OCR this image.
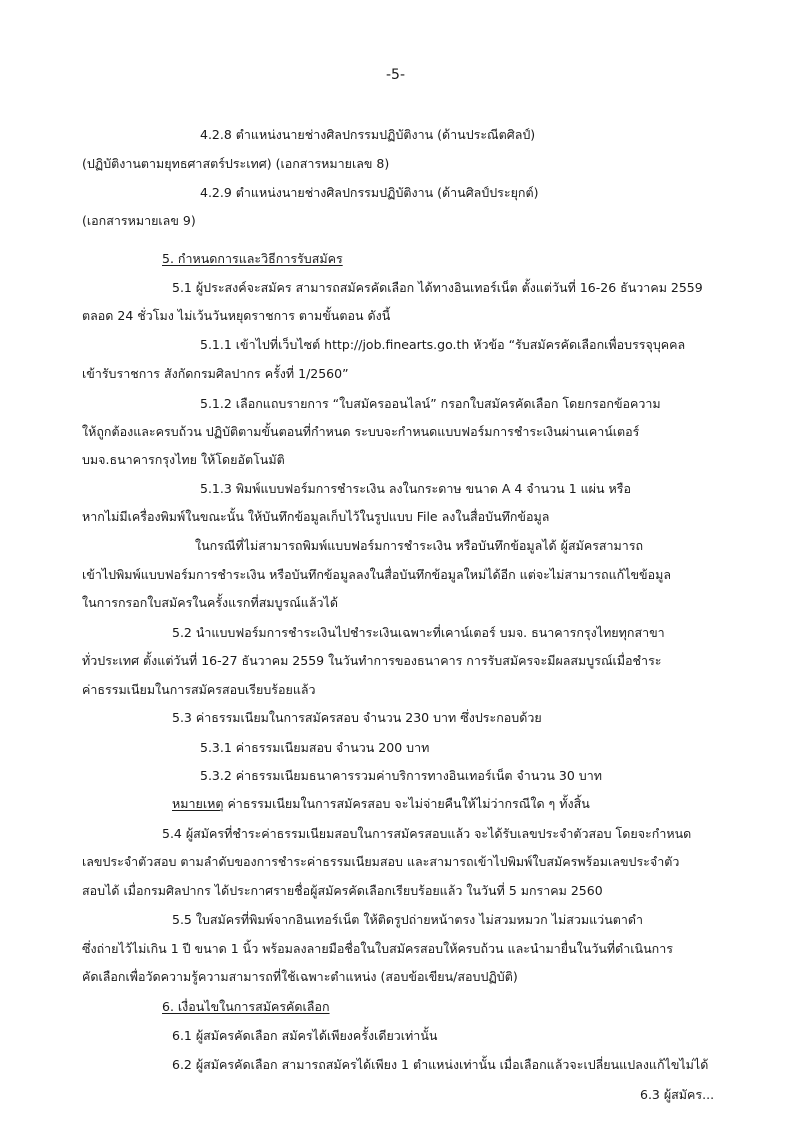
-5-
4.2.8 ตำแหน่งนายช่างศิลปกรรมปฏิบัติงาน (ด้านประณีตศิลป์)
(ปฏิบัติงานตามยุทธศาสตร์ประเทศ) (เอกสารหมายเลข 8)
4.2.9 ตำแหน่งนายช่างศิลปกรรมปฏิบัติงาน (ด้านศิลป์ประยุกต์)
(เอกสารหมายเลข 9)
5. กำหนดการและวิธีการรับสมัคร
5.1 ผู้ประสงค์จะสมัคร สามารถสมัครคัดเลือก ได้ทางอินเทอร์เน็ต ตั้งแต่วันที่ 16-26 ธันวาคม 2559
ตลอด 24 ชั่วโมง ไม่เว้นวันหยุดราชการ ตามขั้นตอน ดังนี้
5.1.1 เข้าไปที่เว็บไซต์ http://job.finearts.go.th หัวข้อ “รับสมัครคัดเลือกเพื่อบรรจุบุคคล
เข้ารับราชการ สังกัดกรมศิลปากร ครั้งที่ 1/2560”
5.1.2 เลือกแถบรายการ “ใบสมัครออนไลน์” กรอกใบสมัครคัดเลือก โดยกรอกข้อความ
ให้ถูกต้องและครบถ้วน ปฏิบัติตามขั้นตอนที่กำหนด ระบบจะกำหนดแบบฟอร์มการชำระเงินผ่านเคาน์เตอร์
บมจ.ธนาคารกรุงไทย ให้โดยอัตโนมัติ
5.1.3 พิมพ์แบบฟอร์มการชำระเงิน ลงในกระดาษ ขนาด A 4 จำนวน 1 แผ่น หรือ
หากไม่มีเครื่องพิมพ์ในขณะนั้น ให้บันทึกข้อมูลเก็บไว้ในรูปแบบ File ลงในสื่อบันทึกข้อมูล
ในกรณีที่ไม่สามารถพิมพ์แบบฟอร์มการชำระเงิน หรือบันทึกข้อมูลได้ ผู้สมัครสามารถ
เข้าไปพิมพ์แบบฟอร์มการชำระเงิน หรือบันทึกข้อมูลลงในสื่อบันทึกข้อมูลใหม่ได้อีก แต่จะไม่สามารถแก้ไขข้อมูล
ในการกรอกใบสมัครในครั้งแรกที่สมบูรณ์แล้วได้
5.2 นำแบบฟอร์มการชำระเงินไปชำระเงินเฉพาะที่เคาน์เตอร์ บมจ. ธนาคารกรุงไทยทุกสาขา
ทั่วประเทศ ตั้งแต่วันที่ 16-27 ธันวาคม 2559 ในวันทำการของธนาคาร การรับสมัครจะมีผลสมบูรณ์เมื่อชำระ
ค่าธรรมเนียมในการสมัครสอบเรียบร้อยแล้ว
5.3 ค่าธรรมเนียมในการสมัครสอบ จำนวน 230 บาท ซึ่งประกอบด้วย
5.3.1 ค่าธรรมเนียมสอบ จำนวน 200 บาท
5.3.2 ค่าธรรมเนียมธนาคารรวมค่าบริการทางอินเทอร์เน็ต จำนวน 30 บาท
หมายเหตุ ค่าธรรมเนียมในการสมัครสอบ จะไม่จ่ายคืนให้ไม่ว่ากรณีใด ๆ ทั้งสิ้น
5.4 ผู้สมัครที่ชำระค่าธรรมเนียมสอบในการสมัครสอบแล้ว จะได้รับเลขประจำตัวสอบ โดยจะกำหนด
เลขประจำตัวสอบ ตามลำดับของการชำระค่าธรรมเนียมสอบ และสามารถเข้าไปพิมพ์ใบสมัครพร้อมเลขประจำตัว
สอบได้ เมื่อกรมศิลปากร ได้ประกาศรายชื่อผู้สมัครคัดเลือกเรียบร้อยแล้ว ในวันที่ 5 มกราคม 2560
5.5 ใบสมัครที่พิมพ์จากอินเทอร์เน็ต ให้ติดรูปถ่ายหน้าตรง ไม่สวมหมวก ไม่สวมแว่นตาดำ
ซึ่งถ่ายไว้ไม่เกิน 1 ปี ขนาด 1 นิ้ว พร้อมลงลายมือชื่อในใบสมัครสอบให้ครบถ้วน และนำมายื่นในวันที่ดำเนินการ
คัดเลือกเพื่อวัดความรู้ความสามารถที่ใช้เฉพาะตำแหน่ง (สอบข้อเขียน/สอบปฏิบัติ)
6. เงื่อนไขในการสมัครคัดเลือก
6.1 ผู้สมัครคัดเลือก สมัครได้เพียงครั้งเดียวเท่านั้น
6.2 ผู้สมัครคัดเลือก สามารถสมัครได้เพียง 1 ตำแหน่งเท่านั้น เมื่อเลือกแล้วจะเปลี่ยนแปลงแก้ไขไม่ได้
6.3 ผู้สมัคร...
